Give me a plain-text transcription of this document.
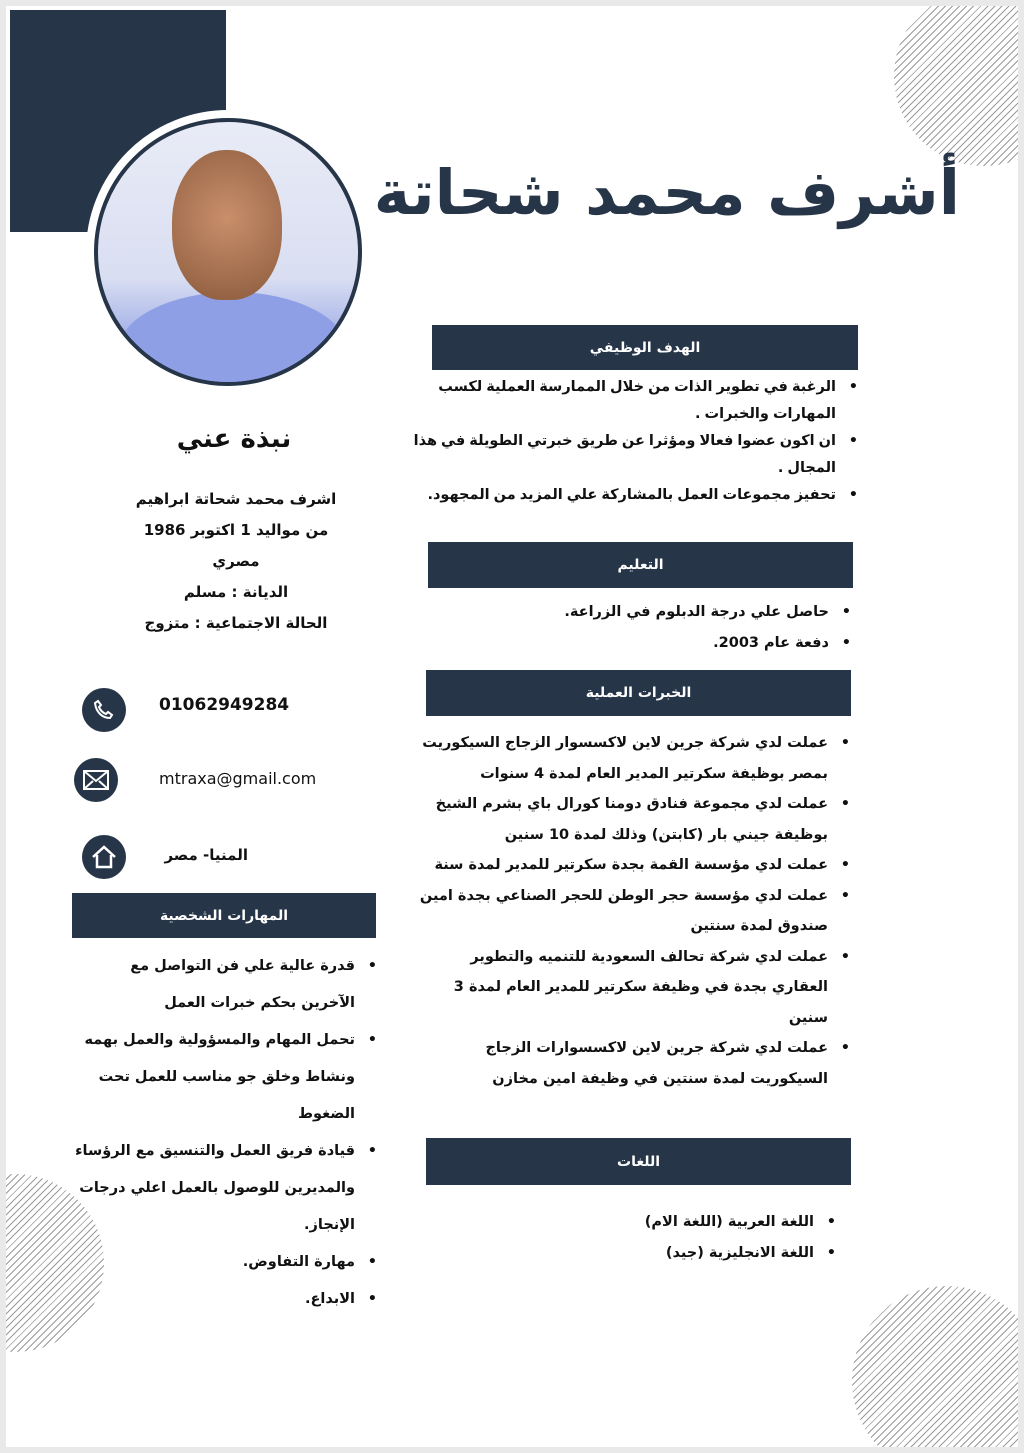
أشرف محمد شحاتة
الهدف الوظيفي
• الرغبة في تطوير الذات من خلال الممارسة العملية لكسب المهارات والخبرات .
• ان اكون عضوا فعالا ومؤثرا عن طريق خبرتي الطويلة في هذا المجال .
• تحفيز مجموعات العمل بالمشاركة علي المزيد من المجهود.
التعليم
• حاصل علي درجة الدبلوم في الزراعة.
• دفعة عام 2003.
الخبرات العملية
• عملت لدي شركة جرين لاين لاكسسوار الزجاج السيكوريت بمصر بوظيفة سكرتير المدير العام لمدة 4 سنوات
• عملت لدي مجموعة فنادق دومنا كورال باي بشرم الشيخ بوظيفة جيني بار (كابتن) وذلك لمدة 10 سنين
• عملت لدي مؤسسة القمة بجدة سكرتير للمدير لمدة سنة
• عملت لدي مؤسسة حجر الوطن للحجر الصناعي بجدة امين صندوق لمدة سنتين
• عملت لدي شركة تحالف السعودية للتنميه والتطوير العقاري بجدة في وظيفة سكرتير للمدير العام لمدة 3 سنين
• عملت لدي شركة جرين لاين لاكسسوارات الزجاج السيكوريت لمدة سنتين في وظيفة امين مخازن
اللغات
• اللغة العربية (اللغة الام)
• اللغة الانجليزية (جيد)
نبذة عني
اشرف محمد شحاتة ابراهيم
من مواليد 1 اكتوبر 1986
مصري
الديانة : مسلم
الحالة الاجتماعية : متزوج
01062949284
mtraxa@gmail.com
المنيا- مصر
المهارات الشخصية
• قدرة عالية علي فن التواصل مع الآخرين بحكم خبرات العمل
• تحمل المهام والمسؤولية والعمل بهمه ونشاط وخلق جو مناسب للعمل تحت الضغوط
• قيادة فريق العمل والتنسيق مع الرؤساء والمديرين للوصول بالعمل اعلي درجات الإنجاز.
• مهارة التفاوض.
• الابداع.
